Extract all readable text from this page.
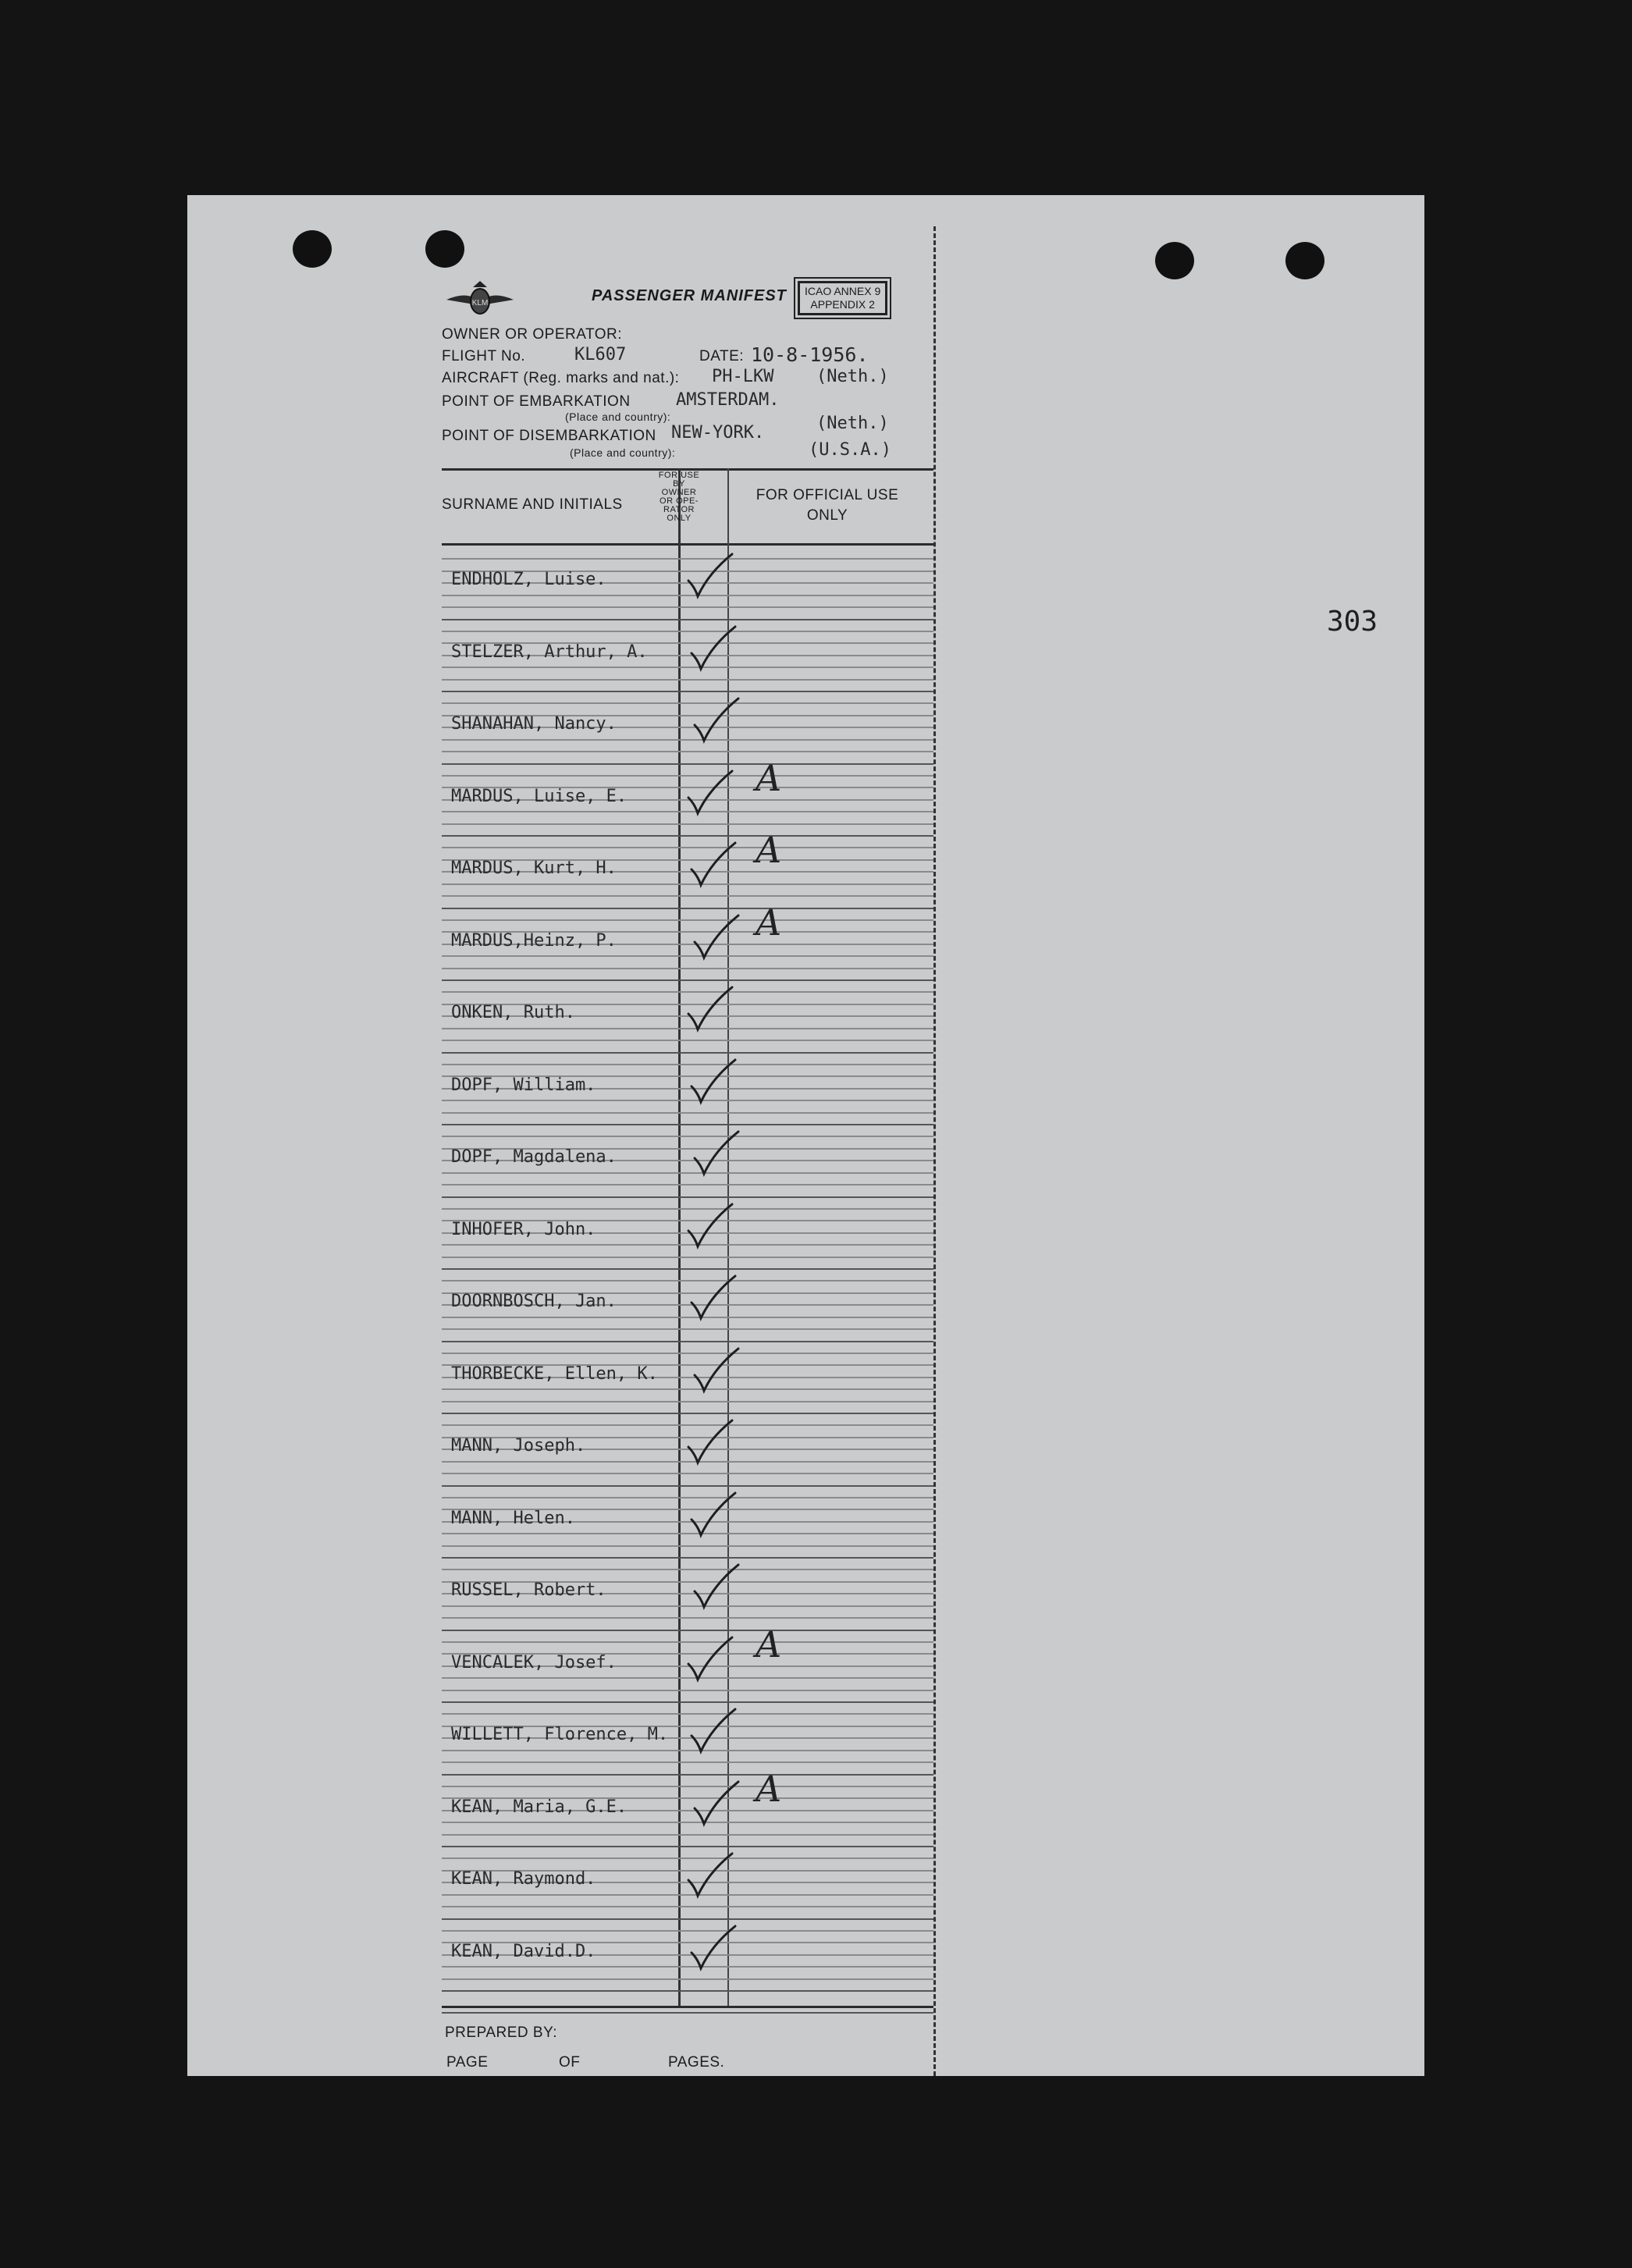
KLM	PASSENGER MANIFEST ICAO ANNEX 9
APPENDIX 2
OWNER OR OPERATOR:
FLIGHT No.	KL607	DATE: 10-8-1956.
AIRCRAFT (Reg. marks and nat.): PH-LKW (Neth.)
POINT OF EMBARKATION
(Place and country):
AMSTERDAM.
(Neth.)
POINT OF DISEMBARKATION
(Place and country):
NEW-YORK.
(U.S.A.)
SURNAME AND INITIALS
FOR USE BY OWNER OR OPE- RATOR ONLY
FOR OFFICIAL USE ONLY
ENDHOLZ, Luise.
STELZER, Arthur, A.
SHANAHAN, Nancy.
MARDUS, Luise, E.	A
MARDUS, Kurt, H.	A
MARDUS,Heinz, P.	A
ONKEN, Ruth.
DOPF, William.
DOPF, Magdalena.
INHOFER, John.
DOORNBOSCH, Jan.
THORBECKE, Ellen, K.
MANN, Joseph.
MANN, Helen.
RUSSEL, Robert.
VENCALEK, Josef.	A
WILLETT, Florence, M.
KEAN, Maria, G.E.	A
KEAN, Raymond.
KEAN, David.D.
PREPARED BY:
PAGE	OF	PAGES.
303
